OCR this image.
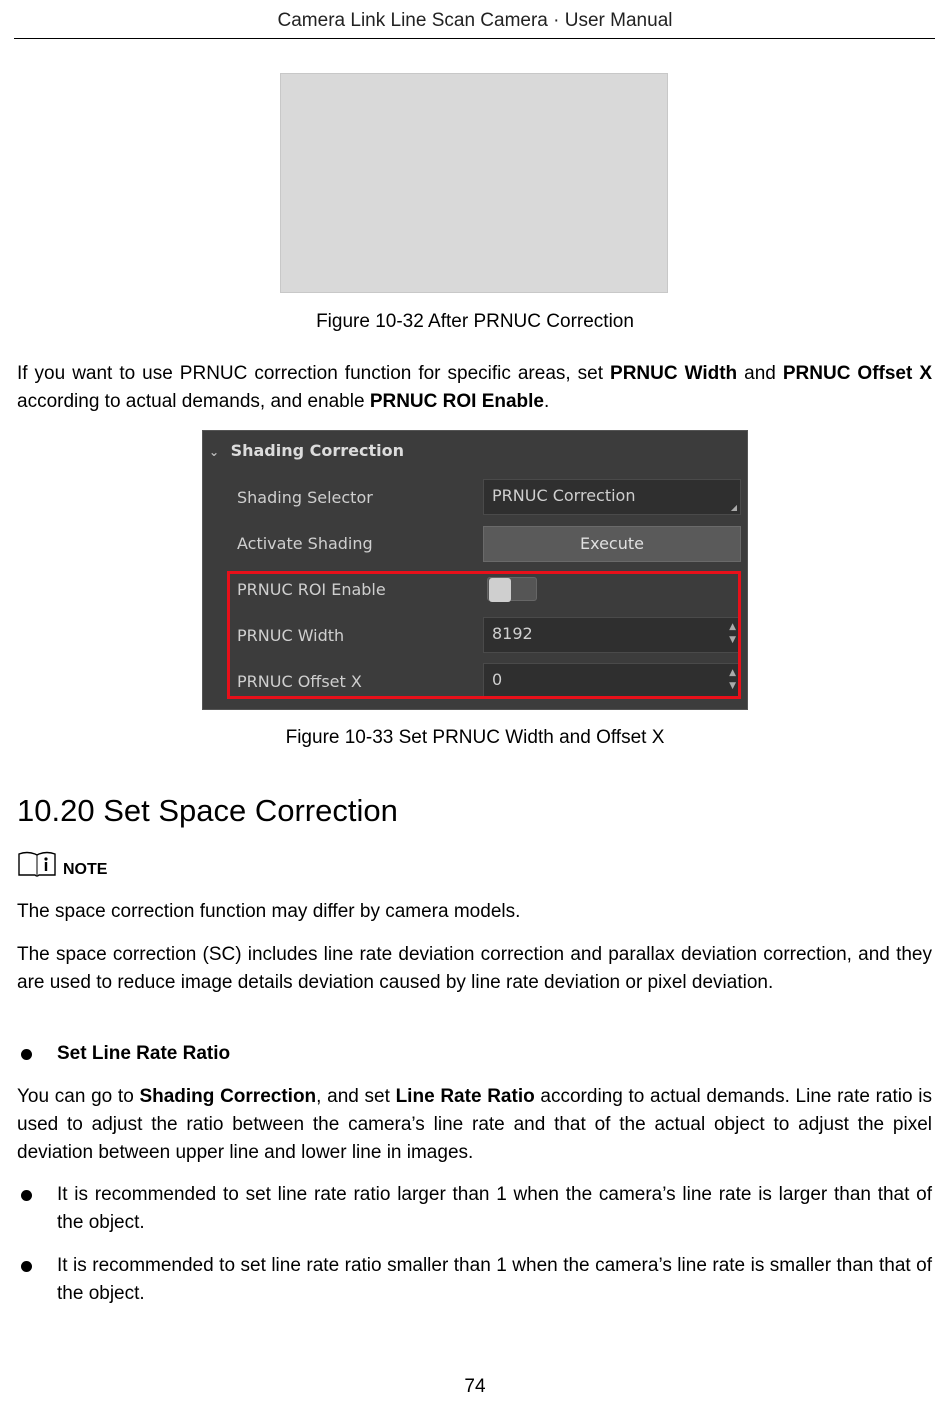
Camera Link Line Scan Camera · User Manual
Figure 10-32 After PRNUC Correction
If you want to use PRNUC correction function for specific areas, set PRNUC Width and PRNUC Offset X according to actual demands, and enable PRNUC ROI Enable.
⌄ Shading Correction
Shading Selector	PRNUC Correction
◢
Activate Shading	Execute
PRNUC ROI Enable
PRNUC Width	8192	▲
▼
PRNUC Offset X	0	▲
▼
Figure 10-33 Set PRNUC Width and Offset X
10.20 Set Space Correction
NOTE
The space correction function may differ by camera models.
The space correction (SC) includes line rate deviation correction and parallax deviation correction, and they are used to reduce image details deviation caused by line rate deviation or pixel deviation.
Set Line Rate Ratio
You can go to Shading Correction, and set Line Rate Ratio according to actual demands. Line rate ratio is used to adjust the ratio between the camera’s line rate and that of the actual object to adjust the pixel deviation between upper line and lower line in images.
It is recommended to set line rate ratio larger than 1 when the camera’s line rate is larger than that of the object.
It is recommended to set line rate ratio smaller than 1 when the camera’s line rate is smaller than that of the object.
74
